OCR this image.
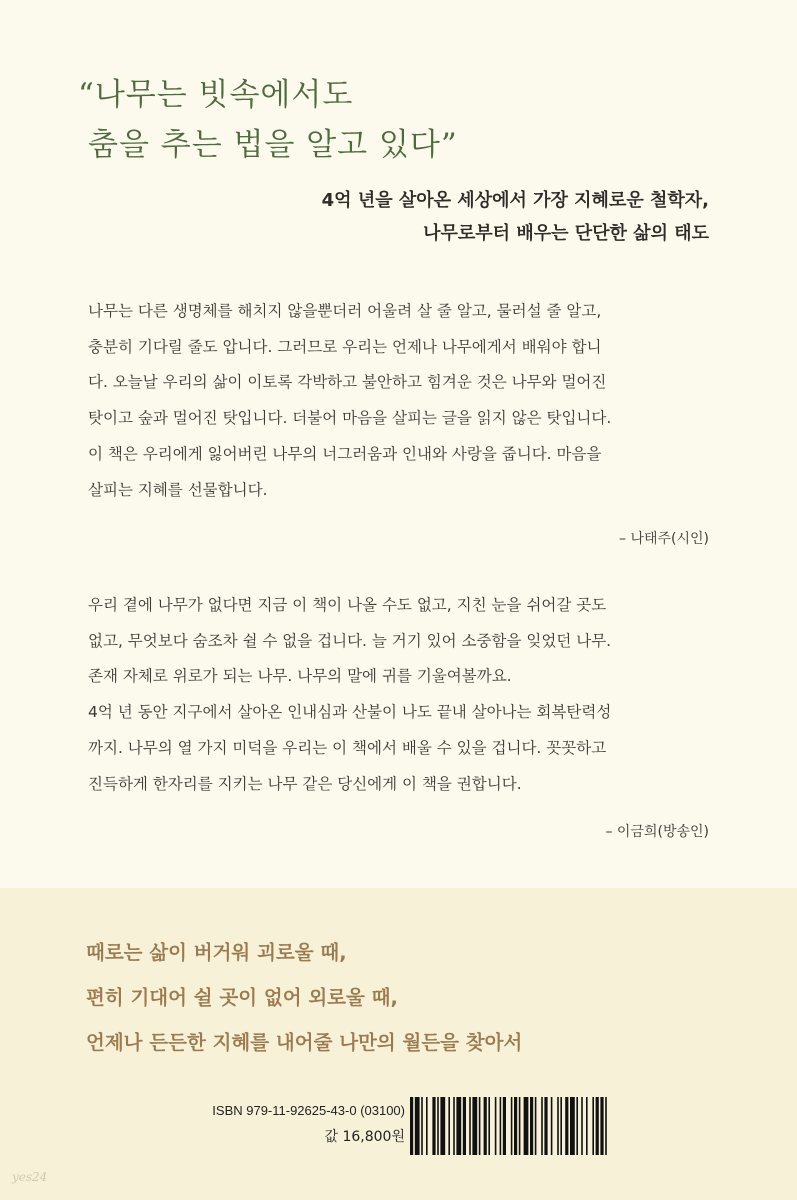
“나무는 빗속에서도
춤을 추는 법을 알고 있다”
4억 년을 살아온 세상에서 가장 지혜로운 철학자,
나무로부터 배우는 단단한 삶의 태도
나무는 다른 생명체를 해치지 않을뿐더러 어울려 살 줄 알고, 물러설 줄 알고,
충분히 기다릴 줄도 압니다. 그러므로 우리는 언제나 나무에게서 배워야 합니
다. 오늘날 우리의 삶이 이토록 각박하고 불안하고 힘겨운 것은 나무와 멀어진
탓이고 숲과 멀어진 탓입니다. 더불어 마음을 살피는 글을 읽지 않은 탓입니다.
이 책은 우리에게 잃어버린 나무의 너그러움과 인내와 사랑을 줍니다. 마음을
살피는 지혜를 선물합니다.
– 나태주(시인)
우리 곁에 나무가 없다면 지금 이 책이 나올 수도 없고, 지친 눈을 쉬어갈 곳도
없고, 무엇보다 숨조차 쉴 수 없을 겁니다. 늘 거기 있어 소중함을 잊었던 나무.
존재 자체로 위로가 되는 나무. 나무의 말에 귀를 기울여볼까요.
4억 년 동안 지구에서 살아온 인내심과 산불이 나도 끝내 살아나는 회복탄력성
까지. 나무의 열 가지 미덕을 우리는 이 책에서 배울 수 있을 겁니다. 꼿꼿하고
진득하게 한자리를 지키는 나무 같은 당신에게 이 책을 권합니다.
– 이금희(방송인)
때로는 삶이 버거워 괴로울 때,
편히 기대어 쉴 곳이 없어 외로울 때,
언제나 든든한 지혜를 내어줄 나만의 월든을 찾아서
ISBN 979-11-92625-43-0 (03100)
값 16,800원
yes24
